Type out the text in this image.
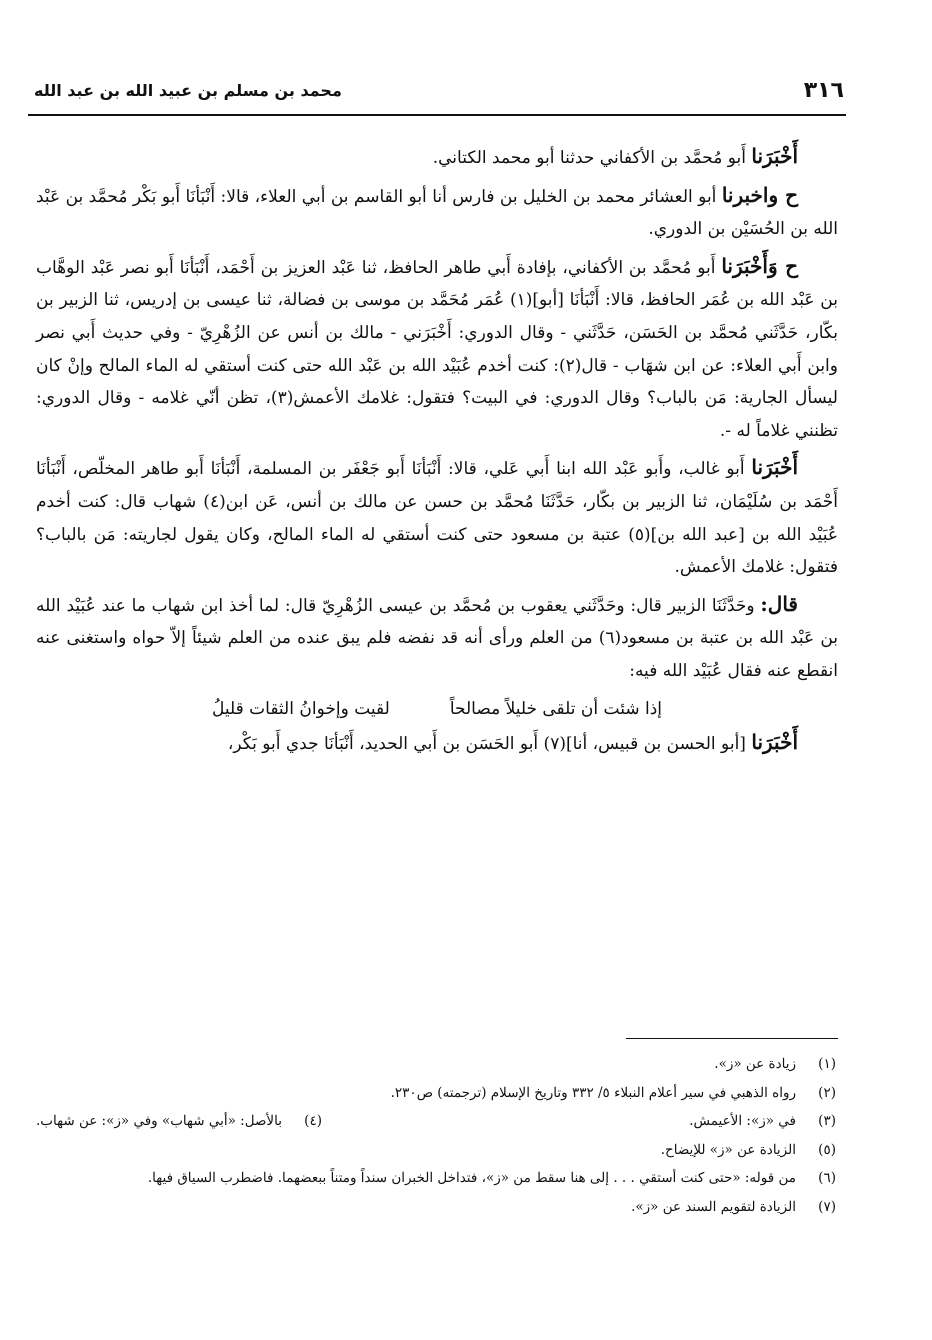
٣١٦
محمد بن مسلم بن عبيد الله بن عبد الله

أَخْبَرَنا أَبو مُحمَّد بن الأكفاني حدثنا أبو محمد الكتاني.

ح واخبرنا أبو العشائر محمد بن الخليل بن فارس أنا أبو القاسم بن أبي العلاء، قالا: أَنْبَأنَا أَبو بَكْر مُحمَّد بن عَبْد الله بن الحُسَيْن بن الدوري.

ح وَأَخْبَرَنا أَبو مُحمَّد بن الأكفاني، بإفادة أَبي طاهر الحافظ، ثنا عَبْد العزيز بن أَحْمَد، أَنْبَأنَا أَبو نصر عَبْد الوهَّاب بن عَبْد الله بن عُمَر الحافظ، قالا: أَنْبَأنَا [أبو](١) عُمَر مُحَمَّد بن موسى بن فضالة، ثنا عيسى بن إدريس، ثنا الزبير بن بكّار، حَدَّثَني مُحمَّد بن الحَسَن، حَدَّثَني - وقال الدوري: أَخْبَرَني - مالك بن أنس عن الزُهْرِيّ - وفي حديث أَبي نصر وابن أَبي العلاء: عن ابن شهَاب - قال(٢): كنت أخدم عُبَيْد الله بن عَبْد الله حتى كنت أستقي له الماء المالح وإنْ كان ليسأل الجارية: مَن بالباب؟ وقال الدوري: في البيت؟ فتقول: غلامك الأعمش(٣)، تظن أنّي غلامه - وقال الدوري: تظنني غلاماً له -.

أَخْبَرَنا أَبو غالب، وأَبو عَبْد الله ابنا أَبي عَلي، قالا: أَنْبَأنَا أَبو جَعْفَر بن المسلمة، أَنْبَأنَا أَبو طاهر المخلّص، أَنْبَأنَا أَحْمَد بن سُلَيْمَان، ثنا الزبير بن بكّار، حَدَّثَنَا مُحمَّد بن حسن عن مالك بن أنس، عَن ابن(٤) شهاب قال: كنت أخدم عُبَيْد الله بن [عبد الله بن](٥) عتبة بن مسعود حتى كنت أستقي له الماء المالح، وكان يقول لجاريته: مَن بالباب؟ فتقول: غلامك الأعمش.

قال: وحَدَّثَنَا الزبير قال: وحَدَّثَني يعقوب بن مُحمَّد بن عيسى الزُهْرِيّ قال: لما أخذ ابن شهاب ما عند عُبَيْد الله بن عَبْد الله بن عتبة بن مسعود(٦) من العلم ورأى أنه قد نفضه فلم يبق عنده من العلم شيئاً إلاّ حواه واستغنى عنه انقطع عنه فقال عُبَيْد الله فيه:

إذا شئت أن تلقى خليلاً مصالحاً
لقيت وإخوانُ الثقات قليلُ

أَخْبَرَنا [أبو الحسن بن قبيس، أنا](٧) أَبو الحَسَن بن أَبي الحديد، أَنْبَأنَا جدي أَبو بَكْر،

(١)
زيادة عن «ز».
(٢)
رواه الذهبي في سير أعلام النبلاء ٥/ ٣٣٢ وتاريخ الإسلام (ترجمته) ص٢٣٠.
(٣)
في «ز»: الأعيمش.
(٤)
بالأصل: «أبي شهاب» وفي «ز»: عن شهاب.
(٥)
الزيادة عن «ز» للإيضاح.
(٦)
من قوله: «حتى كنت أستقي . . . إلى هنا سقط من «ز»، فتداخل الخبران سنداً ومتناً ببعضهما. فاضطرب السياق فيها.
(٧)
الزيادة لتقويم السند عن «ز».
